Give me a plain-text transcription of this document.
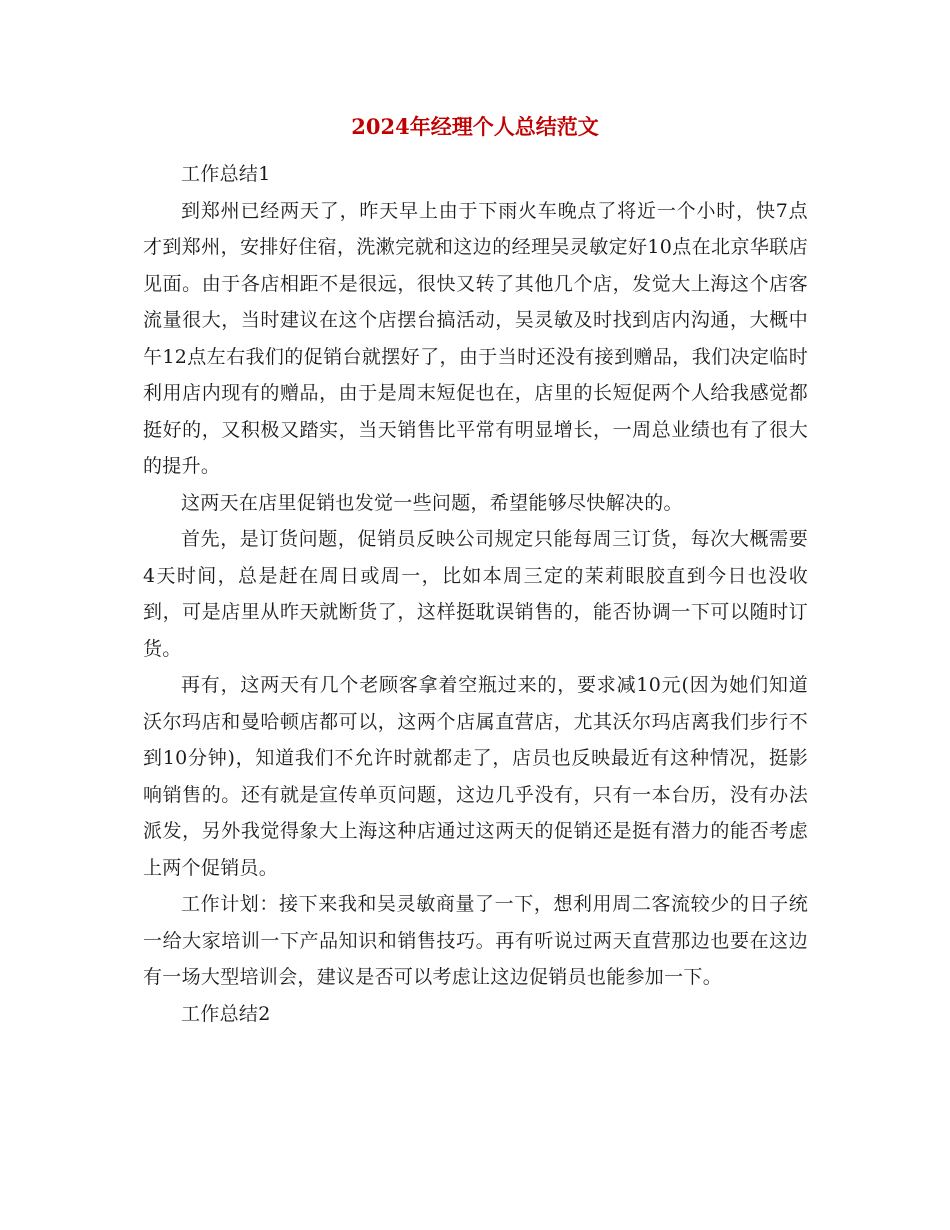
2024年经理个人总结范文

工作总结1

到郑州已经两天了，昨天早上由于下雨火车晚点了将近一个小时，快7点才到郑州，安排好住宿，洗漱完就和这边的经理吴灵敏定好10点在北京华联店见面。由于各店相距不是很远，很快又转了其他几个店，发觉大上海这个店客流量很大，当时建议在这个店摆台搞活动，吴灵敏及时找到店内沟通，大概中午12点左右我们的促销台就摆好了，由于当时还没有接到赠品，我们决定临时利用店内现有的赠品，由于是周末短促也在，店里的长短促两个人给我感觉都挺好的，又积极又踏实，当天销售比平常有明显增长，一周总业绩也有了很大的提升。

这两天在店里促销也发觉一些问题，希望能够尽快解决的。

首先，是订货问题，促销员反映公司规定只能每周三订货，每次大概需要4天时间，总是赶在周日或周一，比如本周三定的茉莉眼胶直到今日也没收到，可是店里从昨天就断货了，这样挺耽误销售的，能否协调一下可以随时订货。

再有，这两天有几个老顾客拿着空瓶过来的，要求减10元(因为她们知道沃尔玛店和曼哈顿店都可以，这两个店属直营店，尤其沃尔玛店离我们步行不到10分钟)，知道我们不允许时就都走了，店员也反映最近有这种情况，挺影响销售的。还有就是宣传单页问题，这边几乎没有，只有一本台历，没有办法派发，另外我觉得象大上海这种店通过这两天的促销还是挺有潜力的能否考虑上两个促销员。

工作计划：接下来我和吴灵敏商量了一下，想利用周二客流较少的日子统一给大家培训一下产品知识和销售技巧。再有听说过两天直营那边也要在这边有一场大型培训会，建议是否可以考虑让这边促销员也能参加一下。

工作总结2
